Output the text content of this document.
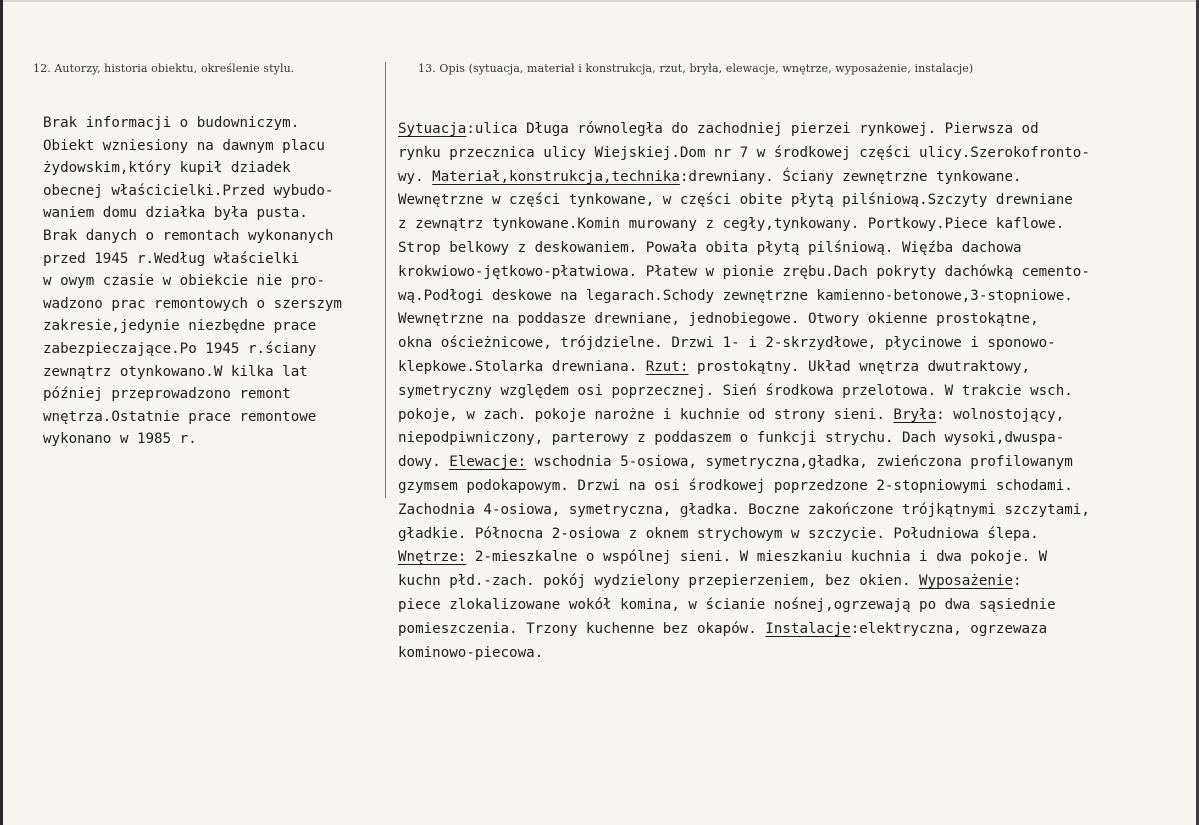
12. Autorzy, historia obiektu, określenie stylu.	13. Opis (sytuacja, materiał i konstrukcja, rzut, bryła, elewacje, wnętrze, wyposażenie, instalacje)
Brak informacji o budowniczym.
Obiekt wzniesiony na dawnym placu
żydowskim,który kupił dziadek
obecnej właścicielki.Przed wybudo-
waniem domu działka była pusta.
Brak danych o remontach wykonanych
przed 1945 r.Według właścielki
w owym czasie w obiekcie nie pro-
wadzono prac remontowych o szerszym
zakresie,jedynie niezbędne prace
zabezpieczające.Po 1945 r.ściany
zewnątrz otynkowano.W kilka lat
później przeprowadzono remont
wnętrza.Ostatnie prace remontowe
wykonano w 1985 r.
Sytuacja:ulica Długa równoległa do zachodniej pierzei rynkowej. Pierwsza od
rynku przecznica ulicy Wiejskiej.Dom nr 7 w środkowej części ulicy.Szerokofronto-
wy. Materiał,konstrukcja,technika:drewniany. Ściany zewnętrzne tynkowane.
Wewnętrzne w części tynkowane, w części obite płytą pilśniową.Szczyty drewniane
z zewnątrz tynkowane.Komin murowany z cegły,tynkowany. Portkowy.Piece kaflowe.
Strop belkowy z deskowaniem. Powała obita płytą pilśniową. Więźba dachowa
krokwiowo-jętkowo-płatwiowa. Płatew w pionie zrębu.Dach pokryty dachówką cemento-
wą.Podłogi deskowe na legarach.Schody zewnętrzne kamienno-betonowe,3-stopniowe.
Wewnętrzne na poddasze drewniane, jednobiegowe. Otwory okienne prostokątne,
okna ościeżnicowe, trójdzielne. Drzwi 1- i 2-skrzydłowe, płycinowe i sponowo-
klepkowe.Stolarka drewniana. Rzut: prostokątny. Układ wnętrza dwutraktowy,
symetryczny względem osi poprzecznej. Sień środkowa przelotowa. W trakcie wsch.
pokoje, w zach. pokoje narożne i kuchnie od strony sieni. Bryła: wolnostojący,
niepodpiwniczony, parterowy z poddaszem o funkcji strychu. Dach wysoki,dwuspa-
dowy. Elewacje: wschodnia 5-osiowa, symetryczna,gładka, zwieńczona profilowanym
gzymsem podokapowym. Drzwi na osi środkowej poprzedzone 2-stopniowymi schodami.
Zachodnia 4-osiowa, symetryczna, gładka. Boczne zakończone trójkątnymi szczytami,
gładkie. Północna 2-osiowa z oknem strychowym w szczycie. Południowa ślepa.
Wnętrze: 2-mieszkalne o wspólnej sieni. W mieszkaniu kuchnia i dwa pokoje. W
kuchn płd.-zach. pokój wydzielony przepierzeniem, bez okien. Wyposażenie:
piece zlokalizowane wokół komina, w ścianie nośnej,ogrzewają po dwa sąsiednie
pomieszczenia. Trzony kuchenne bez okapów. Instalacje:elektryczna, ogrzewaza
kominowo-piecowa.
